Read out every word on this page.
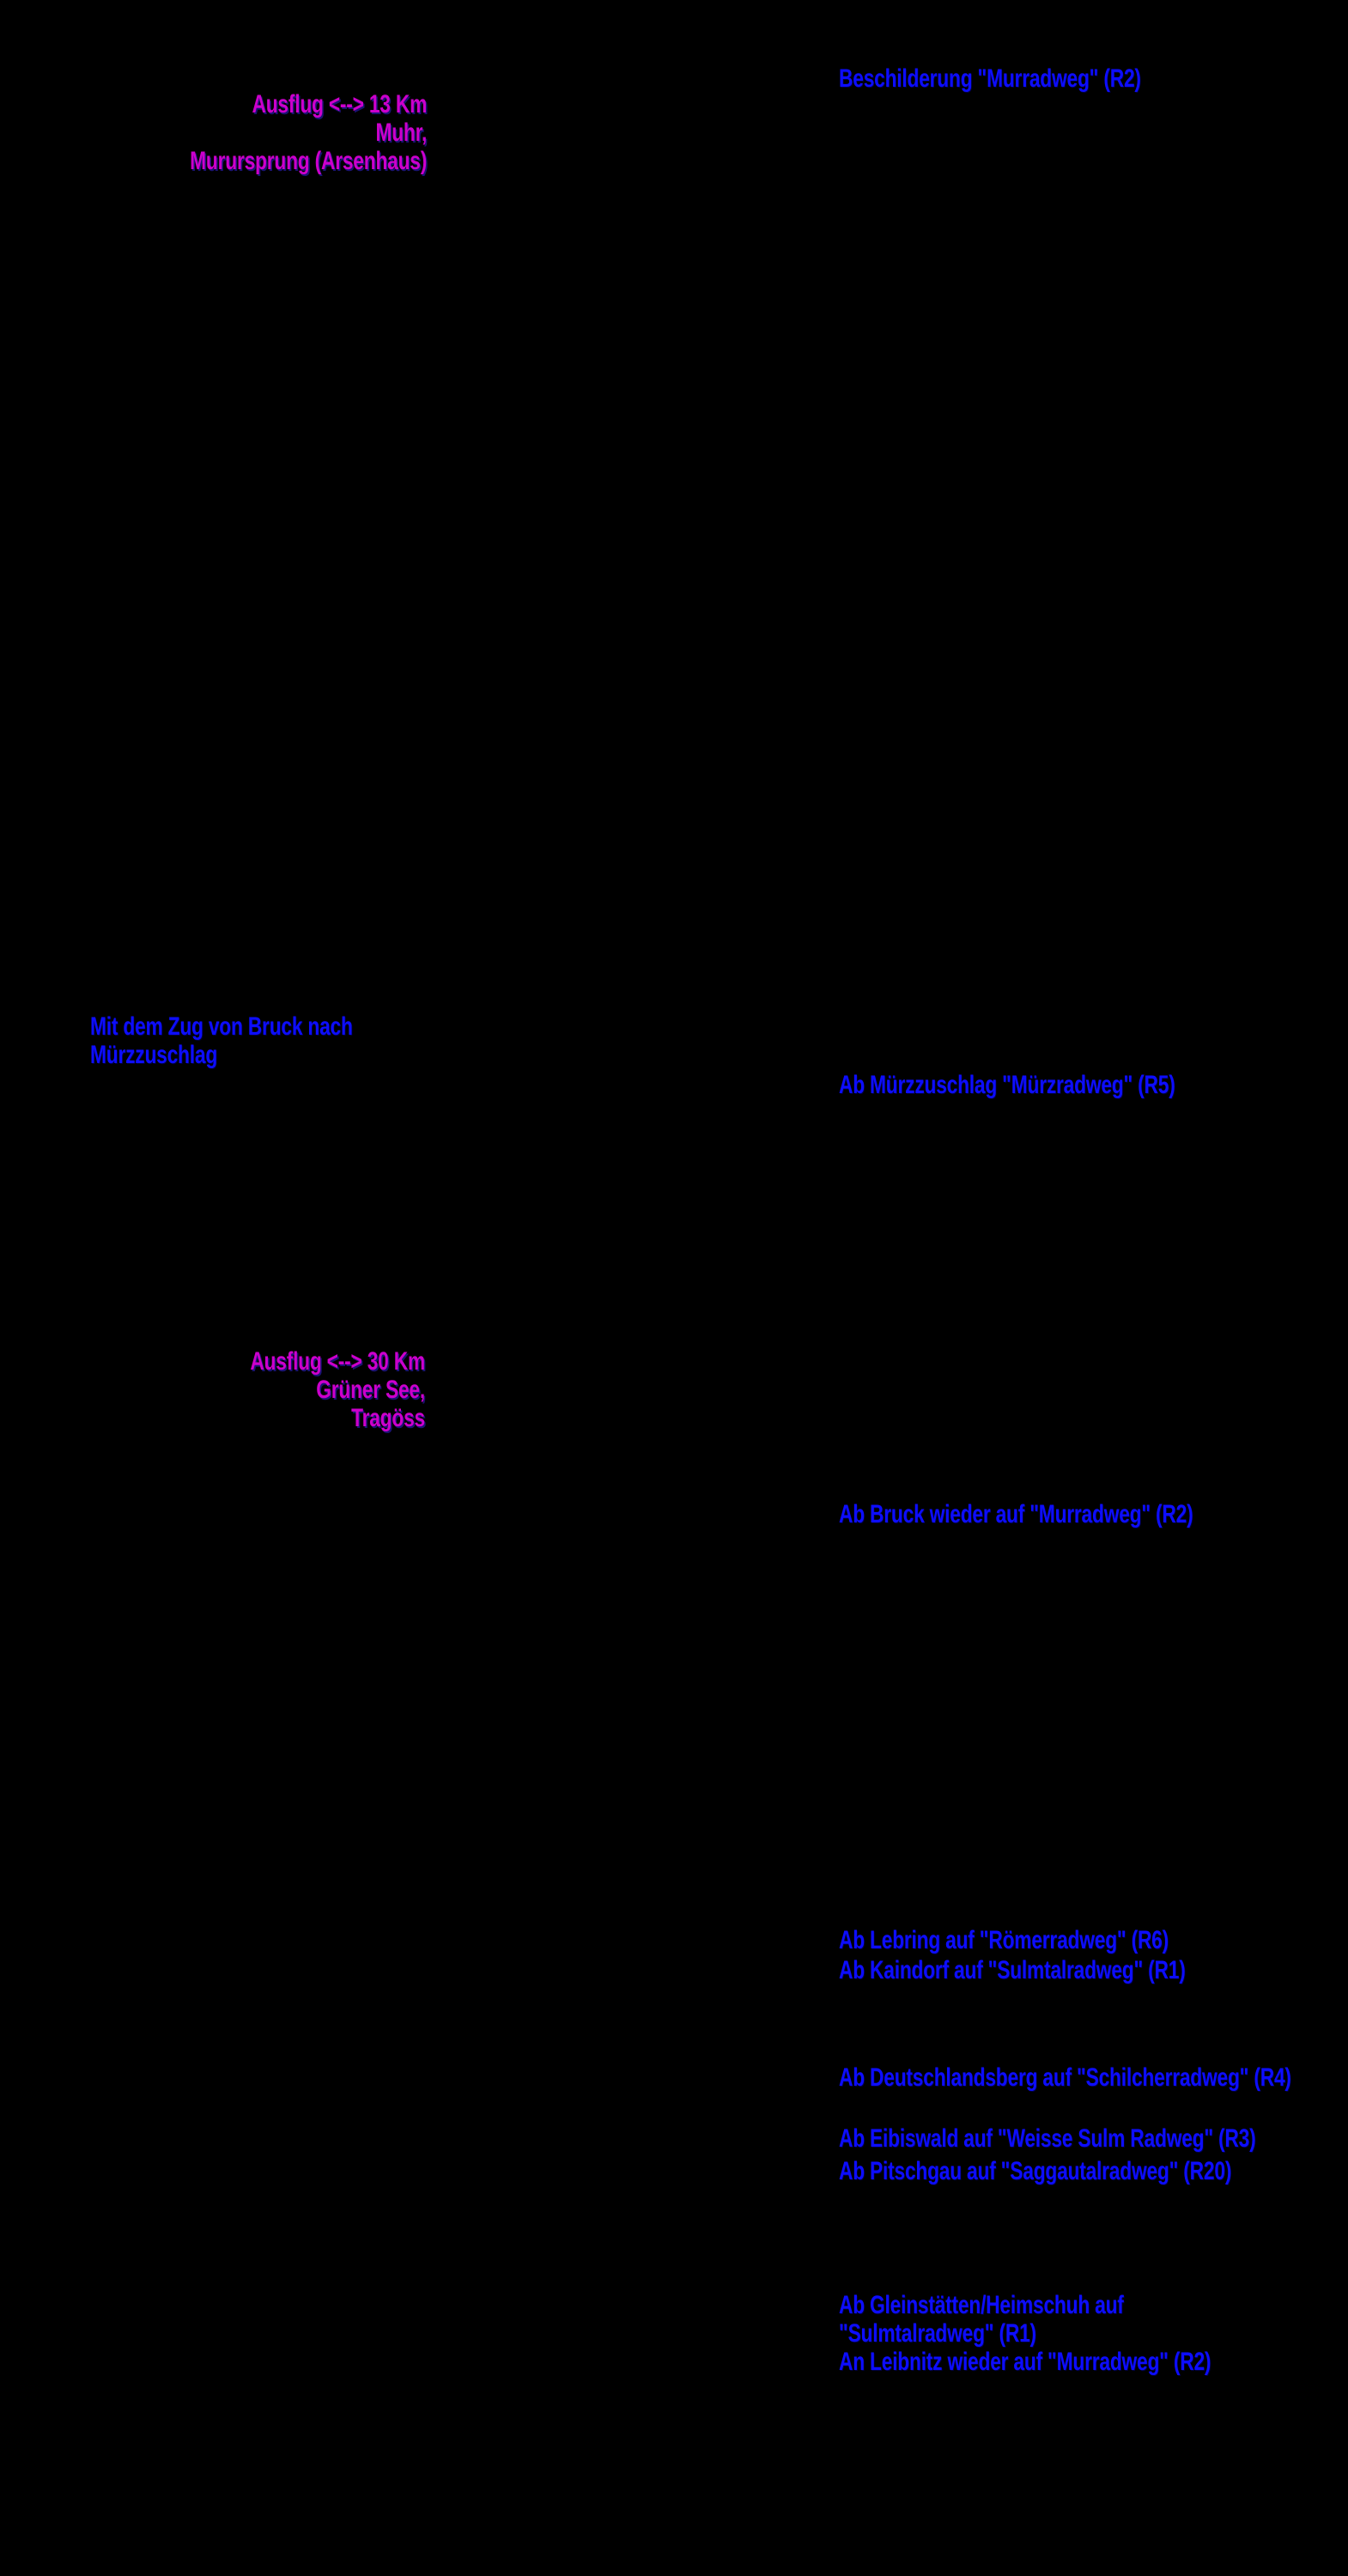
Beschilderung "Murradweg" (R2)
Ausflug <--> 13 Km
Muhr,
Murursprung (Arsenhaus)
Mit dem Zug von Bruck nach
Mürzzuschlag
Ab Mürzzuschlag "Mürzradweg" (R5)
Ausflug <--> 30 Km
Grüner See,
Tragöss
Ab Bruck wieder auf "Murradweg" (R2)
Ab Lebring auf "Römerradweg" (R6)
Ab Kaindorf auf "Sulmtalradweg" (R1)
Ab Deutschlandsberg auf "Schilcherradweg" (R4)
Ab Eibiswald auf "Weisse Sulm Radweg" (R3)
Ab Pitschgau auf "Saggautalradweg" (R20)
Ab Gleinstätten/Heimschuh auf
"Sulmtalradweg" (R1)
An Leibnitz wieder auf "Murradweg" (R2)
